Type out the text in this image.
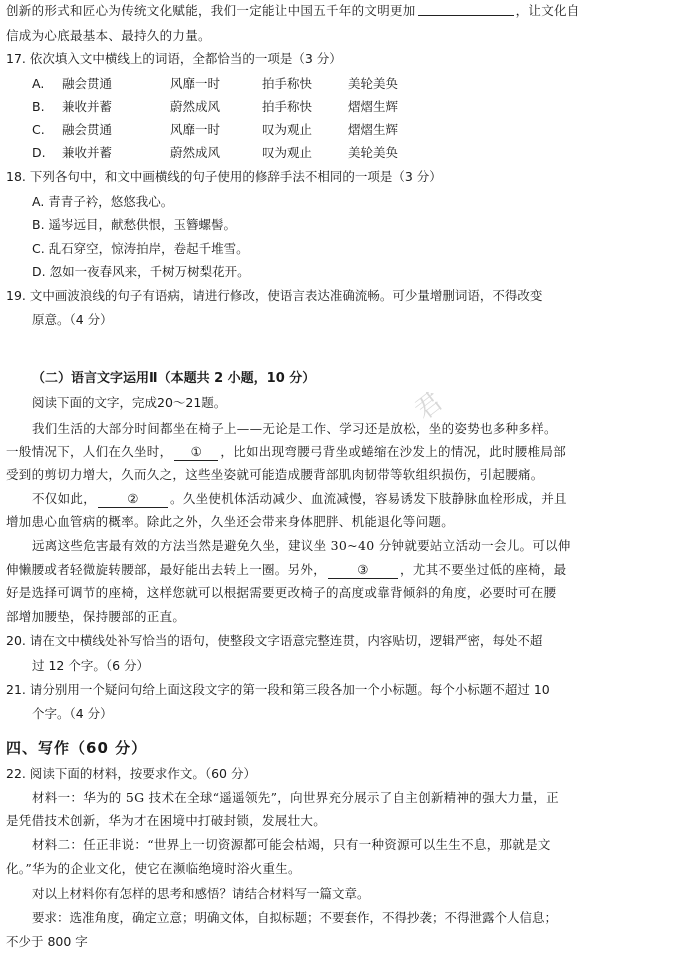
创新的形式和匠心为传统文化赋能，我们一定能让中国五千年的文明更加	，让文化自
信成为心底最基本、最持久的力量。
17. 依次填入文中横线上的词语，全都恰当的一项是（3 分）
A. 融会贯通	风靡一时	拍手称快	美轮美奂
B. 兼收并蓄	蔚然成风	拍手称快	熠熠生辉
C. 融会贯通	风靡一时	叹为观止	熠熠生辉
D. 兼收并蓄	蔚然成风	叹为观止	美轮美奂
18. 下列各句中，和文中画横线的句子使用的修辞手法不相同的一项是（3 分）
A. 青青子衿，悠悠我心。
B. 遥岑远目，献愁供恨，玉簪螺髻。
C. 乱石穿空，惊涛拍岸，卷起千堆雪。
D. 忽如一夜春风来，千树万树梨花开。
19. 文中画波浪线的句子有语病，请进行修改，使语言表达准确流畅。可少量增删词语，不得改变
原意。（4 分）
（二）语言文字运用Ⅱ（本题共 2 小题，10 分）
阅读下面的文字，完成20～21题。	君
我们生活的大部分时间都坐在椅子上——无论是工作、学习还是放松，坐的姿势也多种多样。
一般情况下，人们在久坐时， ① ，比如出现弯腰弓背坐或蜷缩在沙发上的情况，此时腰椎局部
受到的剪切力增大，久而久之，这些坐姿就可能造成腰背部肌肉韧带等软组织损伤，引起腰痛。
不仅如此， ②	。久坐使机体活动减少、血流减慢，容易诱发下肢静脉血栓形成，并且
增加患心血管病的概率。除此之外，久坐还会带来身体肥胖、机能退化等问题。
远离这些危害最有效的方法当然是避免久坐，建议坐 30~40 分钟就要站立活动一会儿。可以伸
伸懒腰或者轻微旋转腰部，最好能出去转上一圈。另外， ③	，尤其不要坐过低的座椅，最
好是选择可调节的座椅，这样您就可以根据需要更改椅子的高度或靠背倾斜的角度，必要时可在腰
部增加腰垫，保持腰部的正直。
20. 请在文中横线处补写恰当的语句，使整段文字语意完整连贯，内容贴切，逻辑严密，每处不超
过 12 个字。（6 分）
21. 请分别用一个疑问句给上面这段文字的第一段和第三段各加一个小标题。每个小标题不超过 10
个字。（4 分）
四、写作（60 分）
22. 阅读下面的材料，按要求作文。（60 分）
材料一：华为的 5G 技术在全球“遥遥领先”，向世界充分展示了自主创新精神的强大力量，正
是凭借技术创新，华为才在困境中打破封锁，发展壮大。
材料二：任正非说：“世界上一切资源都可能会枯竭，只有一种资源可以生生不息，那就是文
化。”华为的企业文化，使它在濒临绝境时浴火重生。
对以上材料你有怎样的思考和感悟？请结合材料写一篇文章。
要求：选准角度，确定立意；明确文体，自拟标题；不要套作，不得抄袭；不得泄露个人信息；
不少于 800 字
